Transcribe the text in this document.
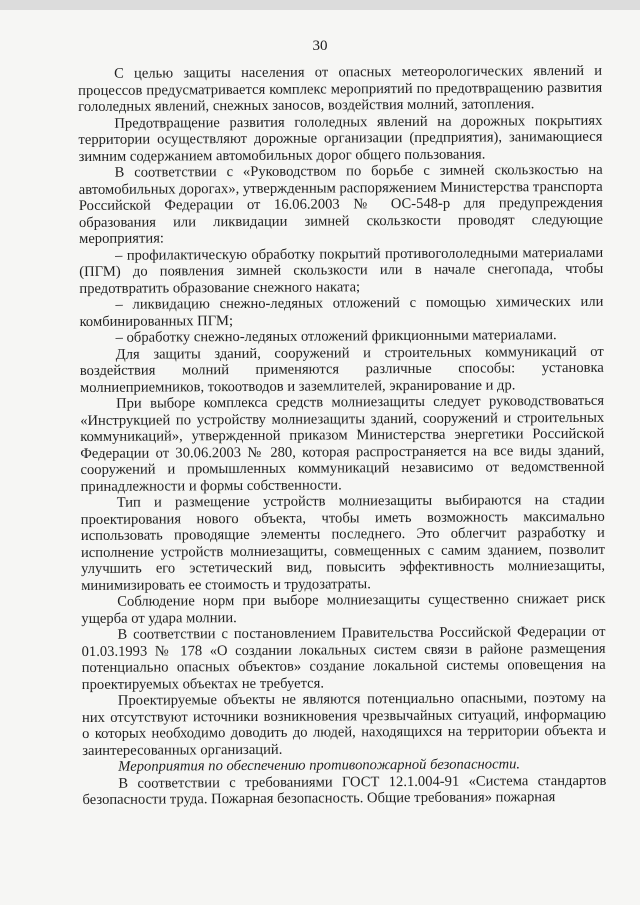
30

С целью защиты населения от опасных метеорологических явлений и процессов предусматривается комплекс мероприятий по предотвращению развития гололедных явлений, снежных заносов, воздействия молний, затопления.

Предотвращение развития гололедных явлений на дорожных покрытиях территории осуществляют дорожные организации (предприятия), занимающиеся зимним содержанием автомобильных дорог общего пользования.

В соответствии с «Руководством по борьбе с зимней скользкостью на автомобильных дорогах», утвержденным распоряжением Министерства транспорта Российской Федерации от 16.06.2003 № ОС-548-р для предупреждения образования или ликвидации зимней скользкости проводят следующие мероприятия:

– профилактическую обработку покрытий противогололедными материалами (ПГМ) до появления зимней скользкости или в начале снегопада, чтобы предотвратить образование снежного наката;

– ликвидацию снежно-ледяных отложений с помощью химических или комбинированных ПГМ;

– обработку снежно-ледяных отложений фрикционными материалами.

Для защиты зданий, сооружений и строительных коммуникаций от воздействия молний применяются различные способы: установка молниеприемников, токоотводов и заземлителей, экранирование и др.

При выборе комплекса средств молниезащиты следует руководствоваться «Инструкцией по устройству молниезащиты зданий, сооружений и строительных коммуникаций», утвержденной приказом Министерства энергетики Российской Федерации от 30.06.2003 № 280, которая распространяется на все виды зданий, сооружений и промышленных коммуникаций независимо от ведомственной принадлежности и формы собственности.

Тип и размещение устройств молниезащиты выбираются на стадии проектирования нового объекта, чтобы иметь возможность максимально использовать проводящие элементы последнего. Это облегчит разработку и исполнение устройств молниезащиты, совмещенных с самим зданием, позволит улучшить его эстетический вид, повысить эффективность молниезащиты, минимизировать ее стоимость и трудозатраты.

Соблюдение норм при выборе молниезащиты существенно снижает риск ущерба от удара молнии.

В соответствии с постановлением Правительства Российской Федерации от 01.03.1993 № 178 «О создании локальных систем связи в районе размещения потенциально опасных объектов» создание локальной системы оповещения на проектируемых объектах не требуется.

Проектируемые объекты не являются потенциально опасными, поэтому на них отсутствуют источники возникновения чрезвычайных ситуаций, информацию о которых необходимо доводить до людей, находящихся на территории объекта и заинтересованных организаций.

Мероприятия по обеспечению противопожарной безопасности.

В соответствии с требованиями ГОСТ 12.1.004-91 «Система стандартов безопасности труда. Пожарная безопасность. Общие требования» пожарная
